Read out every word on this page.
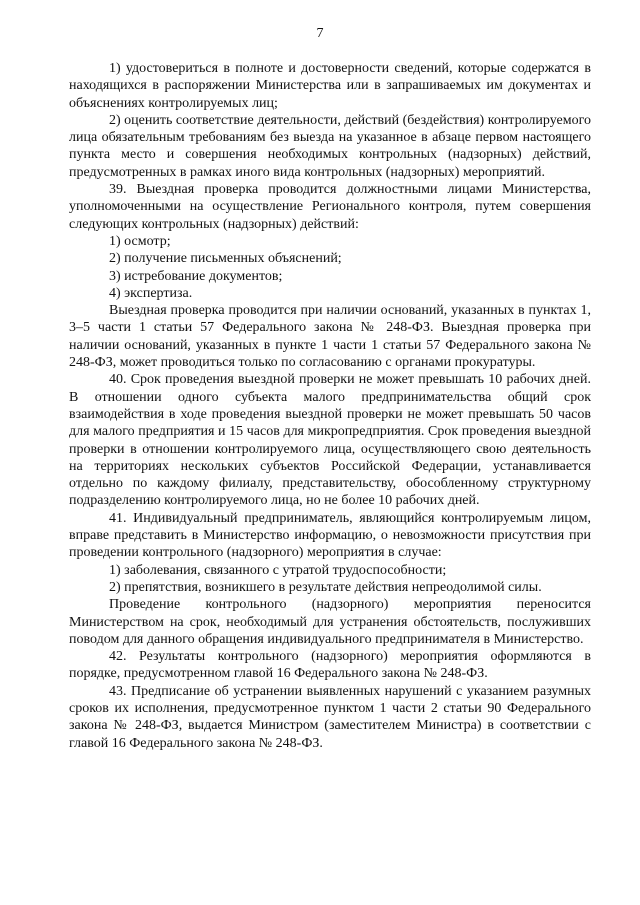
7

1) удостовериться в полноте и достоверности сведений, которые содержатся в находящихся в распоряжении Министерства или в запрашиваемых им документах и объяснениях контролируемых лиц;

2) оценить соответствие деятельности, действий (бездействия) контролируемого лица обязательным требованиям без выезда на указанное в абзаце первом настоящего пункта место и совершения необходимых контрольных (надзорных) действий, предусмотренных в рамках иного вида контрольных (надзорных) мероприятий.

39. Выездная проверка проводится должностными лицами Министерства, уполномоченными на осуществление Регионального контроля, путем совершения следующих контрольных (надзорных) действий:

1) осмотр;

2) получение письменных объяснений;

3) истребование документов;

4) экспертиза.

Выездная проверка проводится при наличии оснований, указанных в пунктах 1, 3–5 части 1 статьи 57 Федерального закона № 248-ФЗ. Выездная проверка при наличии оснований, указанных в пункте 1 части 1 статьи 57 Федерального закона № 248-ФЗ, может проводиться только по согласованию с органами прокуратуры.

40. Срок проведения выездной проверки не может превышать 10 рабочих дней. В отношении одного субъекта малого предпринимательства общий срок взаимодействия в ходе проведения выездной проверки не может превышать 50 часов для малого предприятия и 15 часов для микропредприятия. Срок проведения выездной проверки в отношении контролируемого лица, осуществляющего свою деятельность на территориях нескольких субъектов Российской Федерации, устанавливается отдельно по каждому филиалу, представительству, обособленному структурному подразделению контролируемого лица, но не более 10 рабочих дней.

41. Индивидуальный предприниматель, являющийся контролируемым лицом, вправе представить в Министерство информацию, о невозможности присутствия при проведении контрольного (надзорного) мероприятия в случае:

1) заболевания, связанного с утратой трудоспособности;

2) препятствия, возникшего в результате действия непреодолимой силы.

Проведение контрольного (надзорного) мероприятия переносится Министерством на срок, необходимый для устранения обстоятельств, послуживших поводом для данного обращения индивидуального предпринимателя в Министерство.

42. Результаты контрольного (надзорного) мероприятия оформляются в порядке, предусмотренном главой 16 Федерального закона № 248-ФЗ.

43. Предписание об устранении выявленных нарушений с указанием разумных сроков их исполнения, предусмотренное пунктом 1 части 2 статьи 90 Федерального закона № 248-ФЗ, выдается Министром (заместителем Министра) в соответствии с главой 16 Федерального закона № 248-ФЗ.
